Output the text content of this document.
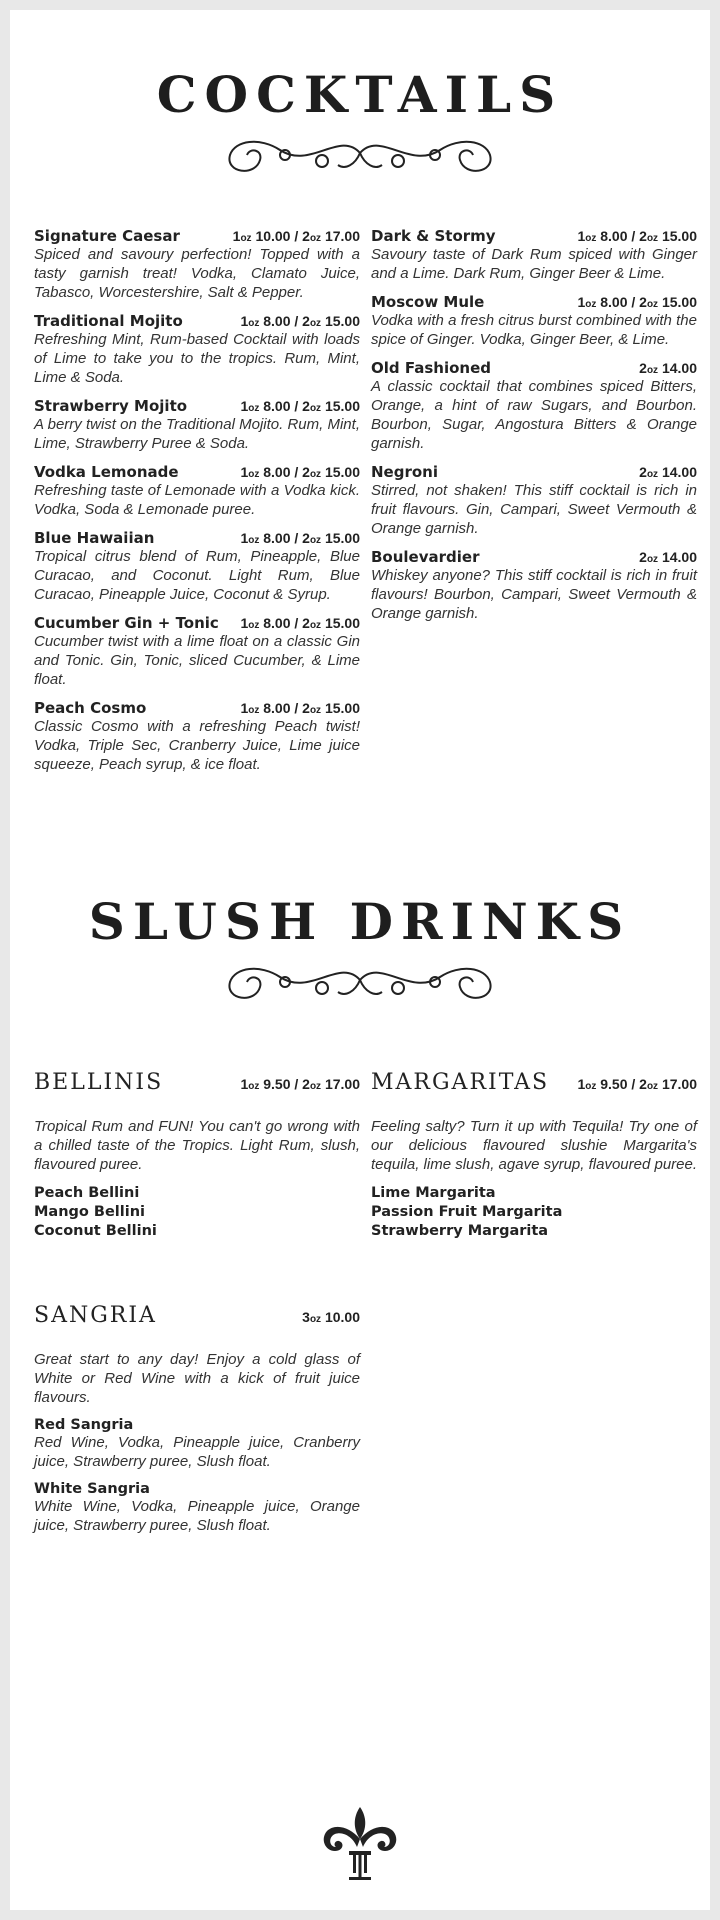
COCKTAILS
Signature Caesar	1oz 10.00 / 2oz 17.00
Spiced and savoury perfection! Topped with a tasty garnish treat! Vodka, Clamato Juice, Tabasco, Worcestershire, Salt & Pepper.
Traditional Mojito	1oz 8.00 / 2oz 15.00
Refreshing Mint, Rum-based Cocktail with loads of Lime to take you to the tropics. Rum, Mint, Lime & Soda.
Strawberry Mojito	1oz 8.00 / 2oz 15.00
A berry twist on the Traditional Mojito. Rum, Mint, Lime, Strawberry Puree & Soda.
Vodka Lemonade	1oz 8.00 / 2oz 15.00
Refreshing taste of Lemonade with a Vodka kick. Vodka, Soda & Lemonade puree.
Blue Hawaiian	1oz 8.00 / 2oz 15.00
Tropical citrus blend of Rum, Pineapple, Blue Curacao, and Coconut. Light Rum, Blue Curacao, Pineapple Juice, Coconut & Syrup.
Cucumber Gin + Tonic 1oz 8.00 / 2oz 15.00
Cucumber twist with a lime float on a classic Gin and Tonic. Gin, Tonic, sliced Cucumber, & Lime float.
Peach Cosmo	1oz 8.00 / 2oz 15.00
Classic Cosmo with a refreshing Peach twist! Vodka, Triple Sec, Cranberry Juice, Lime juice squeeze, Peach syrup, & ice float.
Dark & Stormy	1oz 8.00 / 2oz 15.00
Savoury taste of Dark Rum spiced with Ginger and a Lime. Dark Rum, Ginger Beer & Lime.
Moscow Mule	1oz 8.00 / 2oz 15.00
Vodka with a fresh citrus burst combined with the spice of Ginger. Vodka, Ginger Beer, & Lime.
Old Fashioned	2oz 14.00
A classic cocktail that combines spiced Bitters, Orange, a hint of raw Sugars, and Bourbon. Bourbon, Sugar, Angostura Bitters & Orange garnish.
Negroni	2oz 14.00
Stirred, not shaken! This stiff cocktail is rich in fruit flavours. Gin, Campari, Sweet Vermouth & Orange garnish.
Boulevardier	2oz 14.00
Whiskey anyone? This stiff cocktail is rich in fruit flavours! Bourbon, Campari, Sweet Vermouth & Orange garnish.
SLUSH DRINKS
BELLINIS	1oz 9.50 / 2oz 17.00
Tropical Rum and FUN! You can't go wrong with a chilled taste of the Tropics. Light Rum, slush, flavoured puree.
Peach Bellini
Mango Bellini
Coconut Bellini
MARGARITAS 1oz 9.50 / 2oz 17.00
Feeling salty? Turn it up with Tequila! Try one of our delicious flavoured slushie Margarita's tequila, lime slush, agave syrup, flavoured puree.
Lime Margarita
Passion Fruit Margarita
Strawberry Margarita
SANGRIA	3oz 10.00
Great start to any day! Enjoy a cold glass of White or Red Wine with a kick of fruit juice flavours.
Red Sangria
Red Wine, Vodka, Pineapple juice, Cranberry juice, Strawberry puree, Slush float.
White Sangria
White Wine, Vodka, Pineapple juice, Orange juice, Strawberry puree, Slush float.
